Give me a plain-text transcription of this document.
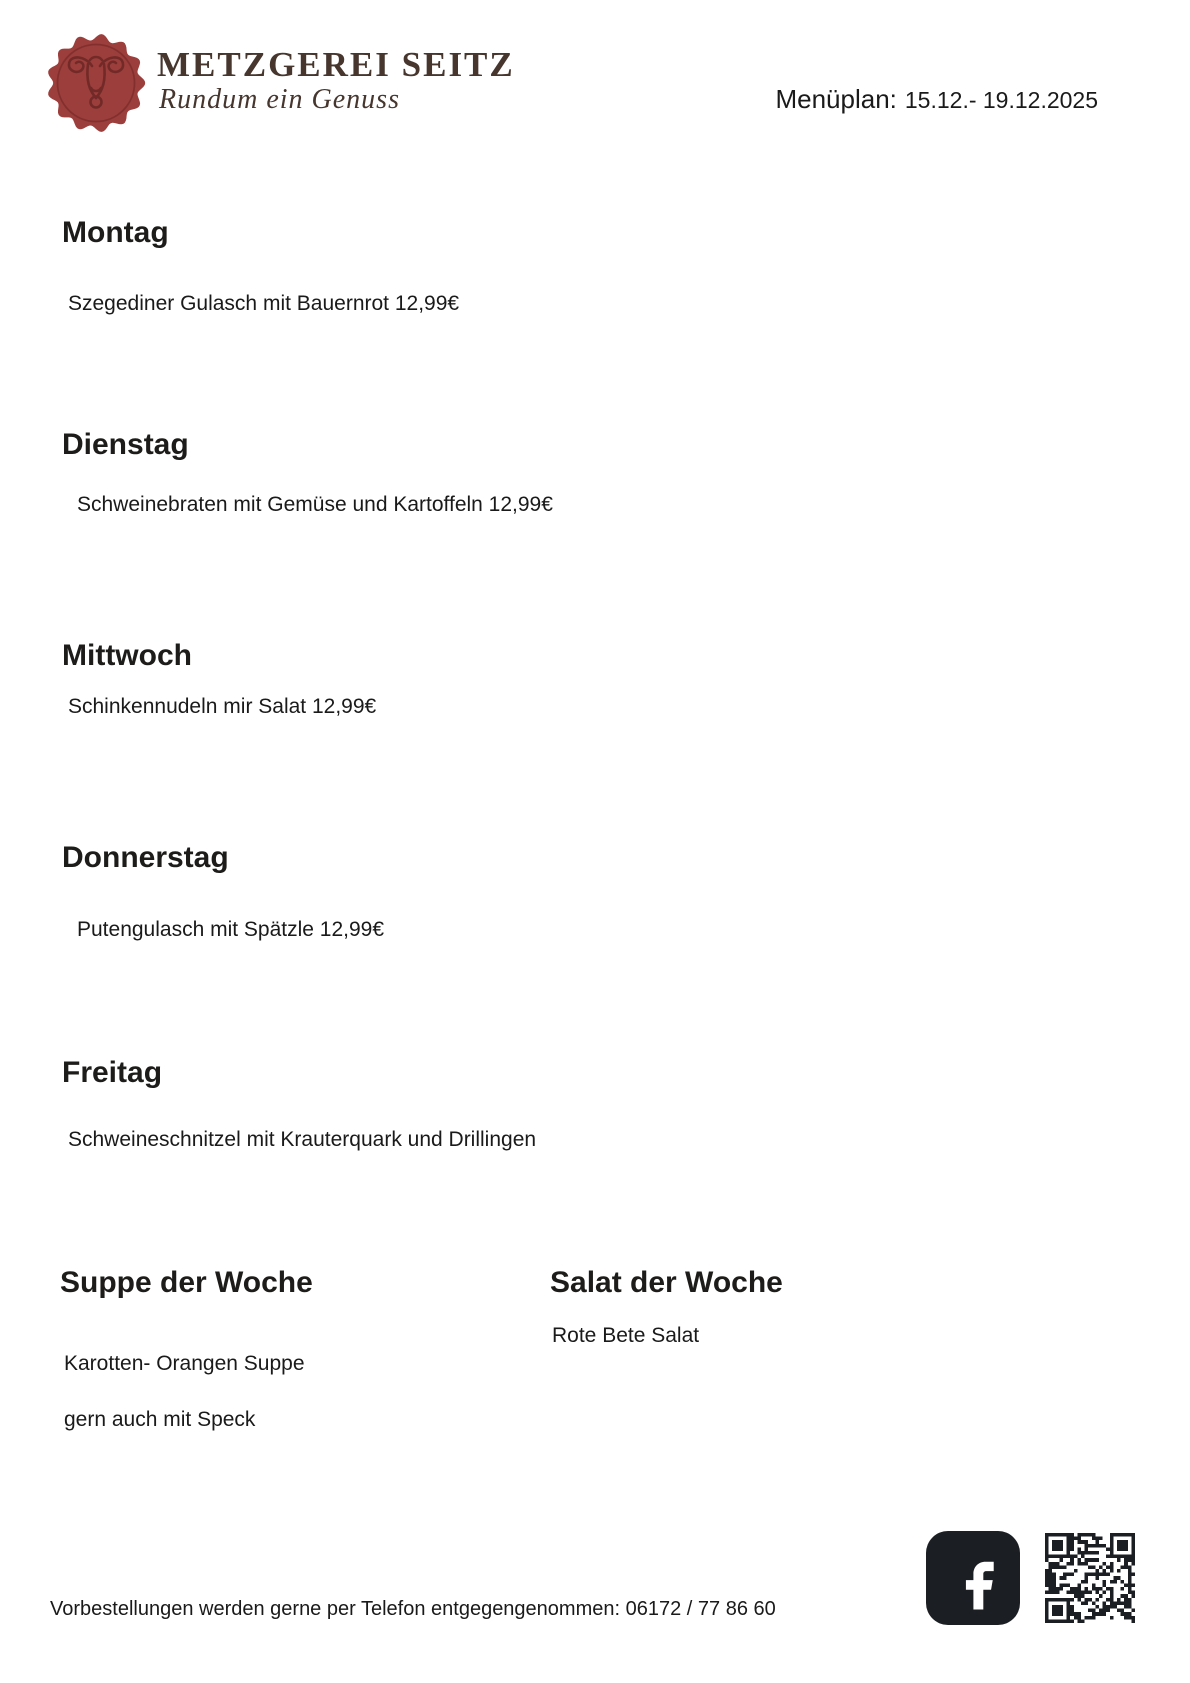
METZGEREI SEITZ
Rundum ein Genuss	Menüplan: 15.12.- 19.12.2025
Montag
Szegediner Gulasch mit Bauernrot 12,99€
Dienstag
Schweinebraten mit Gemüse und Kartoffeln 12,99€
Mittwoch
Schinkennudeln mir Salat 12,99€
Donnerstag
Putengulasch mit Spätzle 12,99€
Freitag
Schweineschnitzel mit Krauterquark und Drillingen
Suppe der Woche

Karotten- Orangen Suppe

gern auch mit Speck

Salat der Woche
Rote Bete Salat
Vorbestellungen werden gerne per Telefon entgegengenommen: 06172 / 77 86 60
